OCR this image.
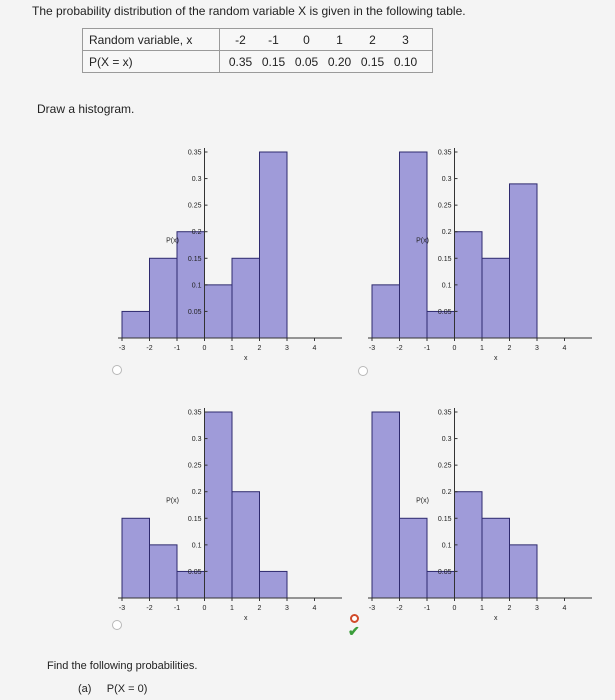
The probability distribution of the random variable X is given in the following table.
Random variable, x	-2 -1 0 1 2 3
P(X = x)	0.35 0.15 0.05 0.20 0.15 0.10
Draw a histogram.
-3	-2	-1	0	1	2	3	4
x
0.35
0.3
0.25
0.2
0.15
0.1
0.05
P(x)
-3	-2	-1	0	1	2	3	4
x
0.35
0.3
0.25
0.2
0.15
0.1
0.05
P(x)
-3	-2	-1	0	1	2	3	4
x
0.35
0.3
0.25
0.2
0.15
0.1
0.05
P(x)
-3	-2	-1	0	1	2	3	4
x
0.35
0.3
0.25
0.2
0.15
0.1
0.05
P(x)
✔
Find the following probabilities.
(a) P(X = 0)
